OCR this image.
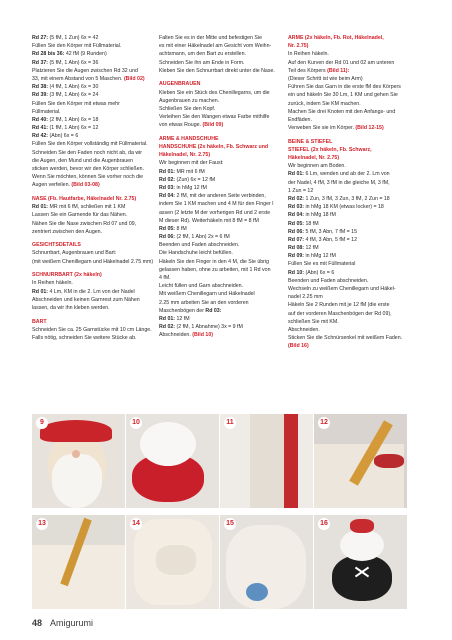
Rd 27: (5 fM, 1 Zun) 6x = 42

Füllen Sie den Körper mit Füllmaterial.

Rd 28 bis 36: 42 fM (9 Runden)

Rd 37: (5 fM, 1 Abn) 6x = 36

Platzieren Sie die Augen zwischen Rd 32 und

33, mit einem Abstand von 5 Maschen. (Bild 02)

Rd 38: (4 fM, 1 Abn) 6x = 30

Rd 39: (3 fM, 1 Abn) 6x = 24

Füllen Sie den Körper mit etwas mehr

Füllmaterial.

Rd 40: (2 fM, 1 Abn) 6x = 18

Rd 41: (1 fM, 1 Abn) 6x = 12

Rd 42: (Abn) 6x = 6

Füllen Sie den Körper vollständig mit Füllmaterial.

Schneiden Sie den Faden noch nicht ab, da wir

die Augen, den Mund und die Augenbrauen

sticken werden, bevor wir den Körper schließen.

Wenn Sie möchten, können Sie vorher noch die

Augen verfeilen. (Bild 03-08)

NASE (Fb. Hautfarbe, Häkelnadel Nr. 2.75)

Rd 01: MR mit 6 fM, schließen mit 1 KM

Lassen Sie ein Garnende für das Nähen.

Nähen Sie die Nase zwischen Rd 07 und 09,

zentriert zwischen den Augen.

GESICHTSDETAILS

Schnurrbart, Augenbrauen und Bart:

(mit weißem Chenillegarn und Häkelnadel 2.75 mm)

SCHNURRBART (2x häkeln)

In Reihen häkeln.

Rd 01: 4 Lm, KM in die 2. Lm von der Nadel

Abschneiden und keinen Garnrest zum Nähen

lassen, da wir ihn kleben werden.

BART

Schneiden Sie ca. 25 Garnstücke mit 10 cm Länge.

Falls nötig, schneiden Sie weitere Stücke ab.

Falten Sie es in der Mitte und befestigen Sie

es mit einer Häkelnadel am Gesicht vom Weihn-

achtsmann, um den Bart zu erstellen.

Schneiden Sie ihn am Ende in Form.

Kleben Sie den Schnurrbart direkt unter die Nase.

AUGENBRAUEN

Kleben Sie ein Stück des Chenillegarns, um die

Augenbrauen zu machen.

Schließen Sie den Kopf.

Verleihen Sie den Wangen etwas Farbe mithilfe

von etwas Rouge. (Bild 09)

ARME & HANDSCHUHE

HANDSCHUHE (2x häkeln, Fb. Schwarz und

Häkelnadel, Nr. 2.75)

Wir beginnen mit der Faust:

Rd 01: MR mit 6 fM

Rd 02: (Zun) 6x = 12 fM

Rd 03: in hMg 12 fM

Rd 04: 2 fM, mit der anderen Seite verbinden,

indem Sie 1 KM machen und 4 M für den Finger l

assen (2 letzte M der vorherigen Rd und 2 erste

M dieser Rd). Weiterhäkeln mit 8 fM = 8 fM

Rd 05: 8 fM

Rd 06: (2 fM, 1 Abn) 2x = 6 fM

Beenden und Faden abschneiden.

Die Handschuhe leicht befüllen.

Häkeln Sie den Finger in den 4 M, die Sie übrig

gelassen haben, ohne zu arbeiten, mit 1 Rd von

4 fM.

Leicht füllen und Garn abschneiden.

Mit weißem Chenillegarn und Häkelnadel

2.25 mm arbeiten Sie an den vorderen

Maschenbögen der Rd 03:

Rd 01: 12 fM

Rd 02: (2 fM, 1 Abnahme) 3x = 9 fM

Abschneiden. (Bild 10)

ARME (2x häkeln, Fb. Rot, Häkelnadel,

Nr. 2.75)

In Reihen häkeln.

Auf den Kurven der Rd 01 und 02 am unteren

Teil des Körpers (Bild 11):

(Dieser Schritt ist wie beim Arm)

Führen Sie das Garn in die erste fM des Körpers

ein und häkeln Sie 30 Lm, 1 KM und gehen Sie

zurück, indem Sie KM machen.

Machen Sie drei Knoten mit den Anfangs- und

Endfäden.

Verweben Sie sie im Körper. (Bild 12-15)

BEINE & STIEFEL

STIEFEL (2x häkeln, Fb. Schwarz,

Häkelnadel, Nr. 2.75)

Wir beginnen am Boden.

Rd 01: 6 Lm, wenden und ab der 2. Lm von

der Nadel, 4 fM, 3 fM in die gleiche M, 3 fM,

1 Zun = 12

Rd 02: 1 Zun, 3 fM, 3 Zun, 3 fM, 2 Zun = 18

Rd 03: in hMg 18 KM (etwas locker) = 18

Rd 04: in hMg 18 fM

Rd 05: 18 fM

Rd 06: 5 fM, 3 Abn, 7 fM = 15

Rd 07: 4 fM, 3 Abn, 5 fM = 12

Rd 08: 12 fM

Rd 09: in hMg 12 fM

Füllen Sie es mit Füllmaterial

Rd 10: (Abn) 6x = 6

Beenden und Faden abschneiden.

Wechseln zu weißem Chenillegarn und Häkel-

nadel 2.25 mm

Häkeln Sie 2 Runden mit je 12 fM (die erste

auf der vorderen Maschenbögen der Rd 09),

schließen Sie mit KM.

Abschneiden.

Sticken Sie die Schnürsenkel mit weißem Faden.

(Bild 16)

9	10	11	12
13	14	15	16
48 Amigurumi
